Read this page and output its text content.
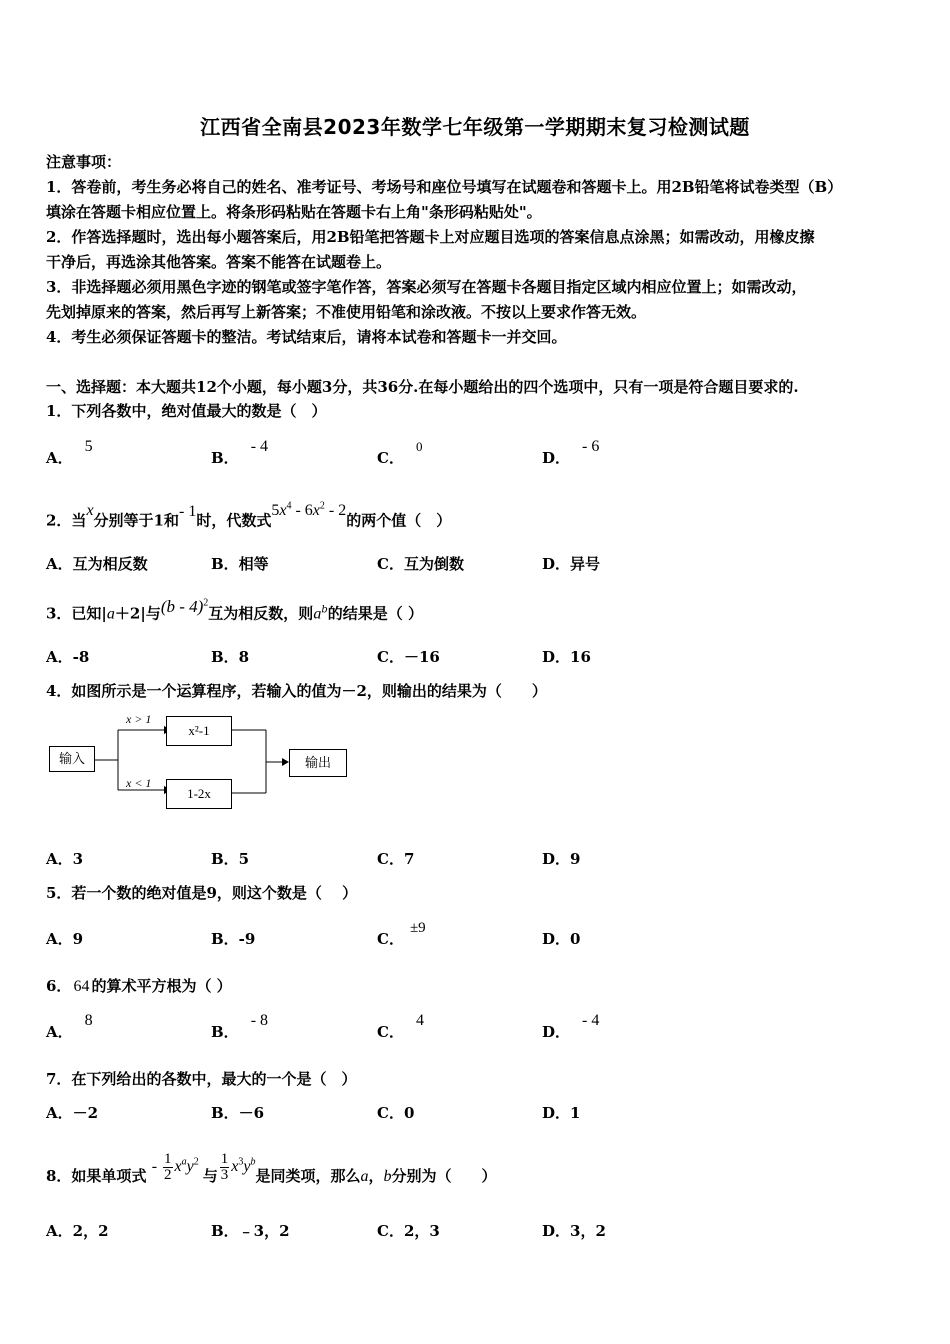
江西省全南县2023年数学七年级第一学期期末复习检测试题
注意事项：
1．答卷前，考生务必将自己的姓名、准考证号、考场号和座位号填写在试题卷和答题卡上。用2B铅笔将试卷类型（B）
填涂在答题卡相应位置上。将条形码粘贴在答题卡右上角"条形码粘贴处"。
2．作答选择题时，选出每小题答案后，用2B铅笔把答题卡上对应题目选项的答案信息点涂黑；如需改动，用橡皮擦
干净后，再选涂其他答案。答案不能答在试题卷上。
3．非选择题必须用黑色字迹的钢笔或签字笔作答，答案必须写在答题卡各题目指定区域内相应位置上；如需改动，
先划掉原来的答案，然后再写上新答案；不准使用铅笔和涂改液。不按以上要求作答无效。
4．考生必须保证答题卡的整洁。考试结束后，请将本试卷和答题卡一并交回。
一、选择题：本大题共12个小题，每小题3分，共36分.在每小题给出的四个选项中，只有一项是符合题目要求的.
1．下列各数中，绝对值最大的数是（　）
A．5
B．- 4
C．0
D．- 6
2．当x分别等于1和- 1时，代数式$5x^4 - 6x^2 - 2$的两个值（　）
A．互为相反数	B．相等	C．互为倒数	D．异号
3．已知|a＋2|与(b - 4)$^2$互为相反数，则$a^b$的结果是（ ）
A．-8	B．8	C．－16	D．16
4．如图所示是一个运算程序，若输入的值为－2，则输出的结果为（　　）
输入
x²-1
1-2x
输出
x > 1
x < 1
A．3	B．5	C．7	D．9
5．若一个数的绝对值是9，则这个数是（　 ）
A．9	B．-9	C．±9
D．0
6． 64 的算术平方根为（ ）
A．8
B．- 8
C．4
D．- 4
7．在下列给出的各数中，最大的一个是（　）
A．－2	B．－6	C．0	D．1
8．如果单项式 - $\frac{1}{2} x^ay^2$ 与 $\frac{1}{3} x^3y^b$是同类项，那么a，b分别为（　　）
A．2，2	B．﹣3，2	C．2，3	D．3，2
